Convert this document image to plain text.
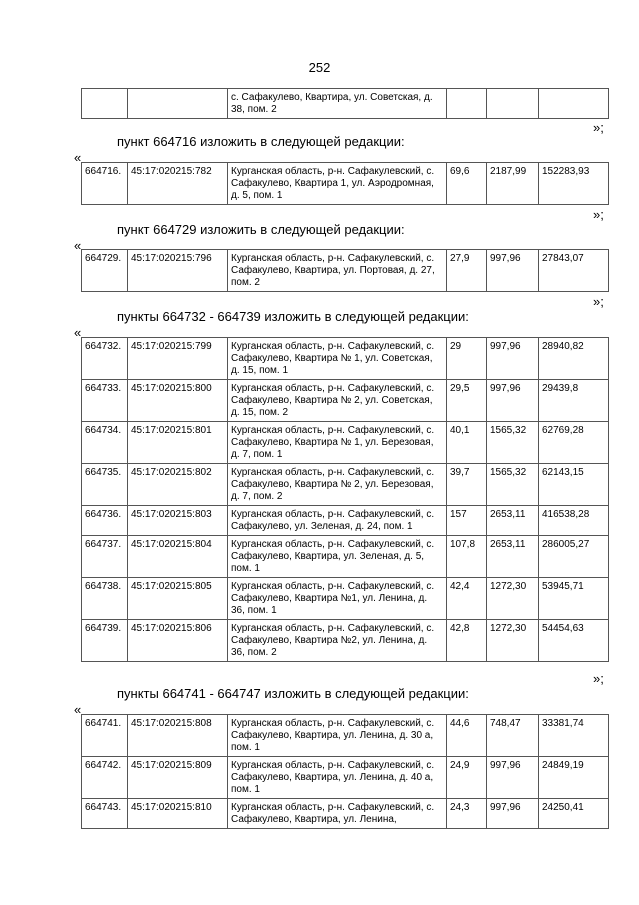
252
		с. Сафакулево, Квартира, ул. Советская, д. 38, пом. 2			
»;
пункт 664716 изложить в следующей редакции:
«
664716.	45:17:020215:782	Курганская область, р-н. Сафакулевский, с. Сафакулево, Квартира 1, ул. Аэродромная, д. 5, пом. 1	69,6	2187,99	152283,93
»;
пункт 664729 изложить в следующей редакции:
«
664729.	45:17:020215:796	Курганская область, р-н. Сафакулевский, с. Сафакулево, Квартира, ул. Портовая, д. 27, пом. 2	27,9	997,96	27843,07
»;
пункты 664732 - 664739 изложить в следующей редакции:
«
664732.	45:17:020215:799	Курганская область, р-н. Сафакулевский, с. Сафакулево, Квартира № 1, ул. Советская, д. 15, пом. 1	29	997,96	28940,82
664733.	45:17:020215:800	Курганская область, р-н. Сафакулевский, с. Сафакулево, Квартира № 2, ул. Советская, д. 15, пом. 2	29,5	997,96	29439,8
664734.	45:17:020215:801	Курганская область, р-н. Сафакулевский, с. Сафакулево, Квартира № 1, ул. Березовая, д. 7, пом. 1	40,1	1565,32	62769,28
664735.	45:17:020215:802	Курганская область, р-н. Сафакулевский, с. Сафакулево, Квартира № 2, ул. Березовая, д. 7, пом. 2	39,7	1565,32	62143,15
664736.	45:17:020215:803	Курганская область, р-н. Сафакулевский, с. Сафакулево, ул. Зеленая, д. 24, пом. 1	157	2653,11	416538,28
664737.	45:17:020215:804	Курганская область, р-н. Сафакулевский, с. Сафакулево, Квартира, ул. Зеленая, д. 5, пом. 1	107,8	2653,11	286005,27
664738.	45:17:020215:805	Курганская область, р-н. Сафакулевский, с. Сафакулево, Квартира №1, ул. Ленина, д. 36, пом. 1	42,4	1272,30	53945,71
664739.	45:17:020215:806	Курганская область, р-н. Сафакулевский, с. Сафакулево, Квартира №2, ул. Ленина, д. 36, пом. 2	42,8	1272,30	54454,63
»;
пункты 664741 - 664747 изложить в следующей редакции:
«
664741.	45:17:020215:808	Курганская область, р-н. Сафакулевский, с. Сафакулево, Квартира, ул. Ленина, д. 30 а, пом. 1	44,6	748,47	33381,74
664742.	45:17:020215:809	Курганская область, р-н. Сафакулевский, с. Сафакулево, Квартира, ул. Ленина, д. 40 а, пом. 1	24,9	997,96	24849,19
664743.	45:17:020215:810	Курганская область, р-н. Сафакулевский, с. Сафакулево, Квартира, ул. Ленина,	24,3	997,96	24250,41
